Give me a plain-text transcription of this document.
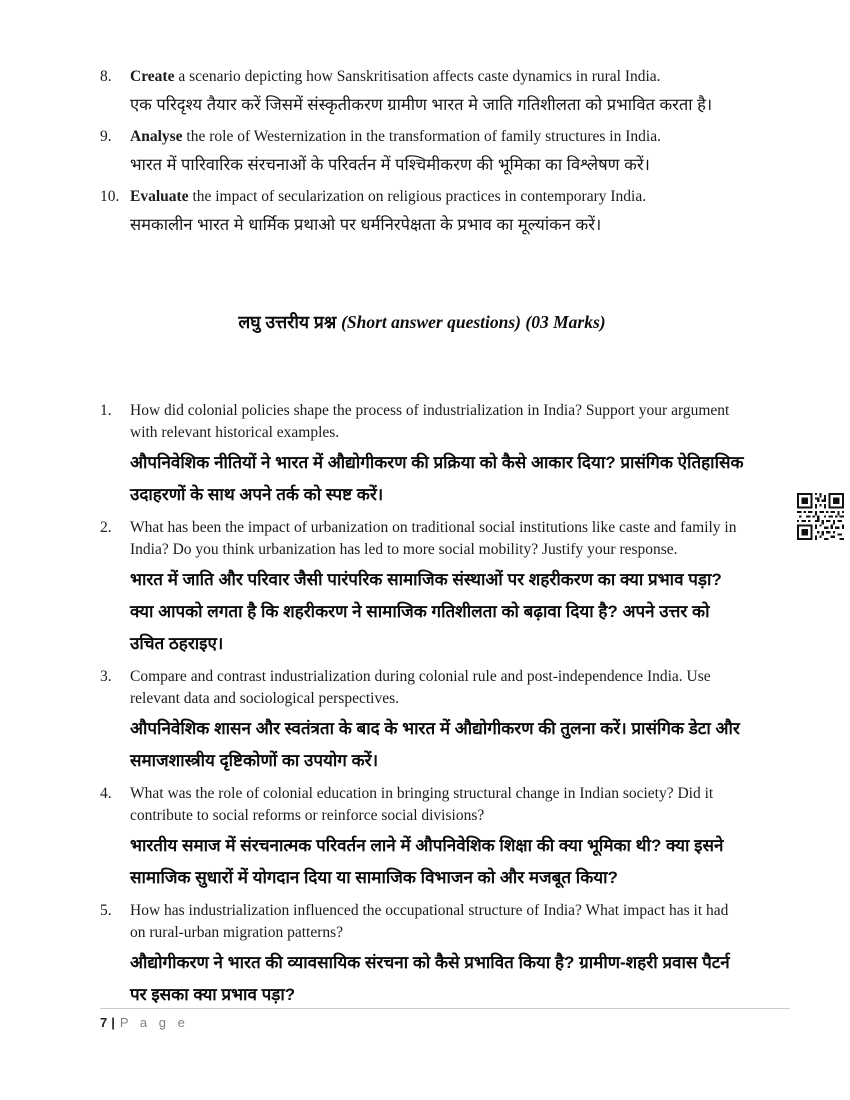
8.	Create a scenario depicting how Sanskritisation affects caste dynamics in rural India.
एक परिदृश्य तैयार करें जिसमें संस्कृतीकरण ग्रामीण भारत मे जाति गतिशीलता को प्रभावित करता है।
9.	Analyse the role of Westernization in the transformation of family structures in India.
भारत में पारिवारिक संरचनाओं के परिवर्तन में पश्चिमीकरण की भूमिका का विश्लेषण करें।
10. Evaluate the impact of secularization on religious practices in contemporary India.
समकालीन भारत मे धार्मिक प्रथाओ पर धर्मनिरपेक्षता के प्रभाव का मूल्यांकन करें।
लघु उत्तरीय प्रश्न (Short answer questions) (03 Marks)
1.	How did colonial policies shape the process of industrialization in India? Support your argument with relevant historical examples.
औपनिवेशिक नीतियों ने भारत में औद्योगीकरण की प्रक्रिया को कैसे आकार दिया? प्रासंगिक ऐतिहासिक उदाहरणों के साथ अपने तर्क को स्पष्ट करें।
2.	What has been the impact of urbanization on traditional social institutions like caste and family in India? Do you think urbanization has led to more social mobility? Justify your response.
भारत में जाति और परिवार जैसी पारंपरिक सामाजिक संस्थाओं पर शहरीकरण का क्या प्रभाव पड़ा? क्या आपको लगता है कि शहरीकरण ने सामाजिक गतिशीलता को बढ़ावा दिया है? अपने उत्तर को उचित ठहराइए।
3.	Compare and contrast industrialization during colonial rule and post-independence India. Use relevant data and sociological perspectives.
औपनिवेशिक शासन और स्वतंत्रता के बाद के भारत में औद्योगीकरण की तुलना करें। प्रासंगिक डेटा और समाजशास्त्रीय दृष्टिकोणों का उपयोग करें।
4.	What was the role of colonial education in bringing structural change in Indian society? Did it contribute to social reforms or reinforce social divisions?
भारतीय समाज में संरचनात्मक परिवर्तन लाने में औपनिवेशिक शिक्षा की क्या भूमिका थी? क्या इसने सामाजिक सुधारों में योगदान दिया या सामाजिक विभाजन को और मजबूत किया?
5.	How has industrialization influenced the occupational structure of India? What impact has it had on rural-urban migration patterns?
औद्योगीकरण ने भारत की व्यावसायिक संरचना को कैसे प्रभावित किया है? ग्रामीण-शहरी प्रवास पैटर्न पर इसका क्या प्रभाव पड़ा?
7 | P a g e
